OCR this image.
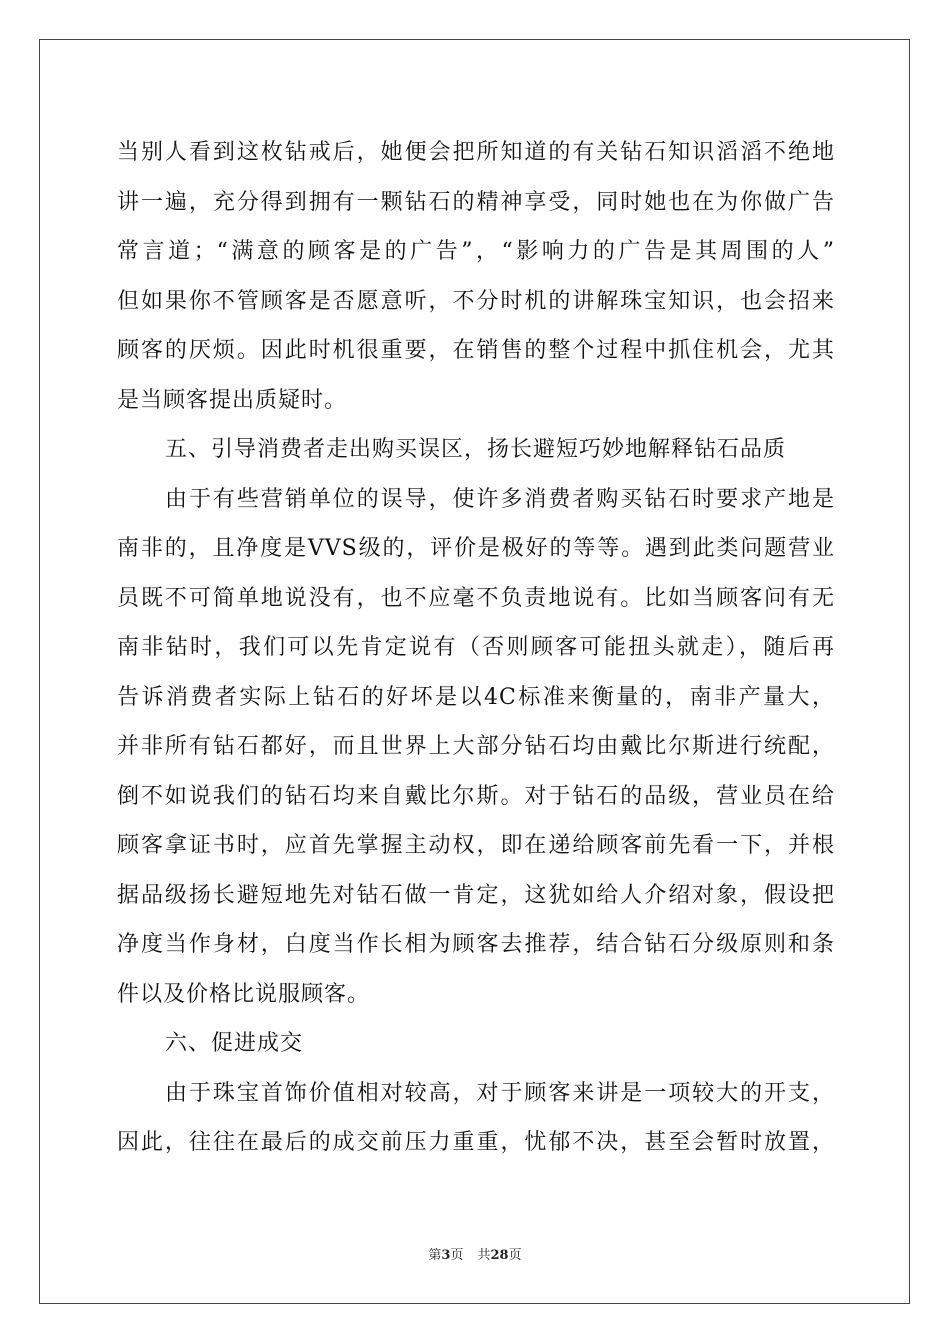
当别人看到这枚钻戒后，她便会把所知道的有关钻石知识滔滔不绝地
讲一遍，充分得到拥有一颗钻石的精神享受，同时她也在为你做广告
常言道；“满意的顾客是的广告”，“影响力的广告是其周围的人”
但如果你不管顾客是否愿意听，不分时机的讲解珠宝知识，也会招来
顾客的厌烦。因此时机很重要，在销售的整个过程中抓住机会，尤其
是当顾客提出质疑时。
五、引导消费者走出购买误区，扬长避短巧妙地解释钻石品质
由于有些营销单位的误导，使许多消费者购买钻石时要求产地是
南非的，且净度是VVS级的，评价是极好的等等。遇到此类问题营业
员既不可简单地说没有，也不应毫不负责地说有。比如当顾客问有无
南非钻时，我们可以先肯定说有（否则顾客可能扭头就走），随后再
告诉消费者实际上钻石的好坏是以4C标准来衡量的，南非产量大，
并非所有钻石都好，而且世界上大部分钻石均由戴比尔斯进行统配，
倒不如说我们的钻石均来自戴比尔斯。对于钻石的品级，营业员在给
顾客拿证书时，应首先掌握主动权，即在递给顾客前先看一下，并根
据品级扬长避短地先对钻石做一肯定，这犹如给人介绍对象，假设把
净度当作身材，白度当作长相为顾客去推荐，结合钻石分级原则和条
件以及价格比说服顾客。
六、促进成交
由于珠宝首饰价值相对较高，对于顾客来讲是一项较大的开支，
因此，往往在最后的成交前压力重重，忧郁不决，甚至会暂时放置，
第3页 共28页
